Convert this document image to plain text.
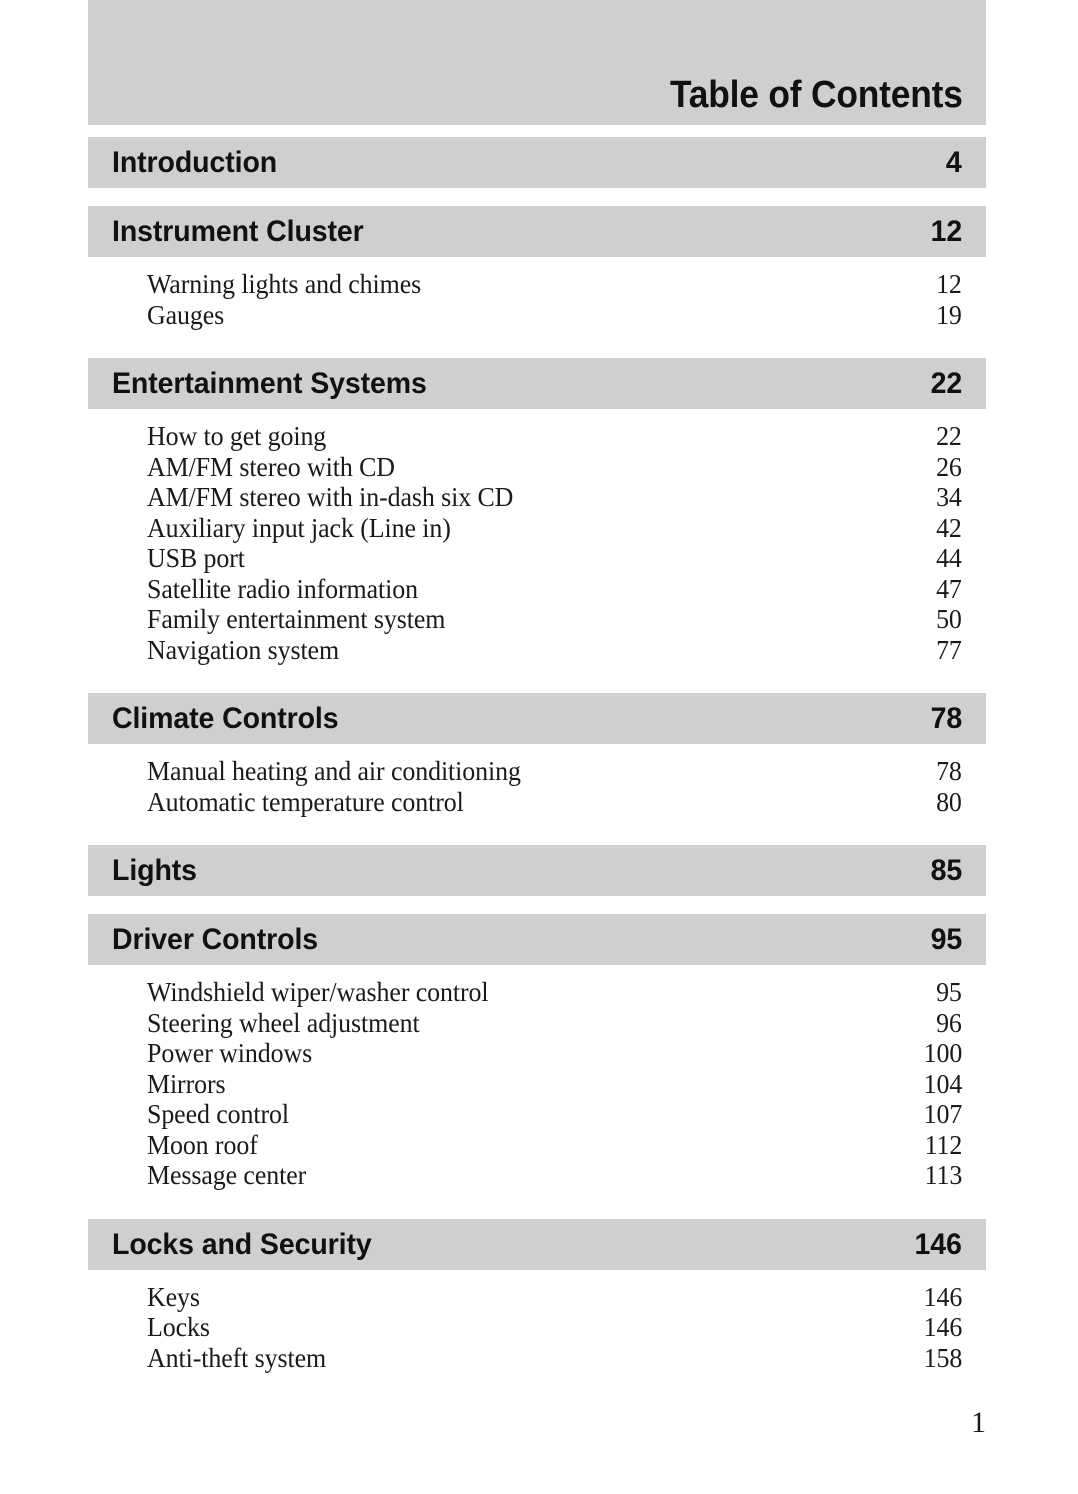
Table of Contents
Introduction	4
Instrument Cluster	12
Warning lights and chimes	12
Gauges	19
Entertainment Systems	22
How to get going	22
AM/FM stereo with CD	26
AM/FM stereo with in-dash six CD	34
Auxiliary input jack (Line in)	42
USB port	44
Satellite radio information	47
Family entertainment system	50
Navigation system	77
Climate Controls	78
Manual heating and air conditioning	78
Automatic temperature control	80
Lights	85
Driver Controls	95
Windshield wiper/washer control	95
Steering wheel adjustment	96
Power windows	100
Mirrors	104
Speed control	107
Moon roof	112
Message center	113
Locks and Security	146
Keys	146
Locks	146
Anti-theft system	158
1
